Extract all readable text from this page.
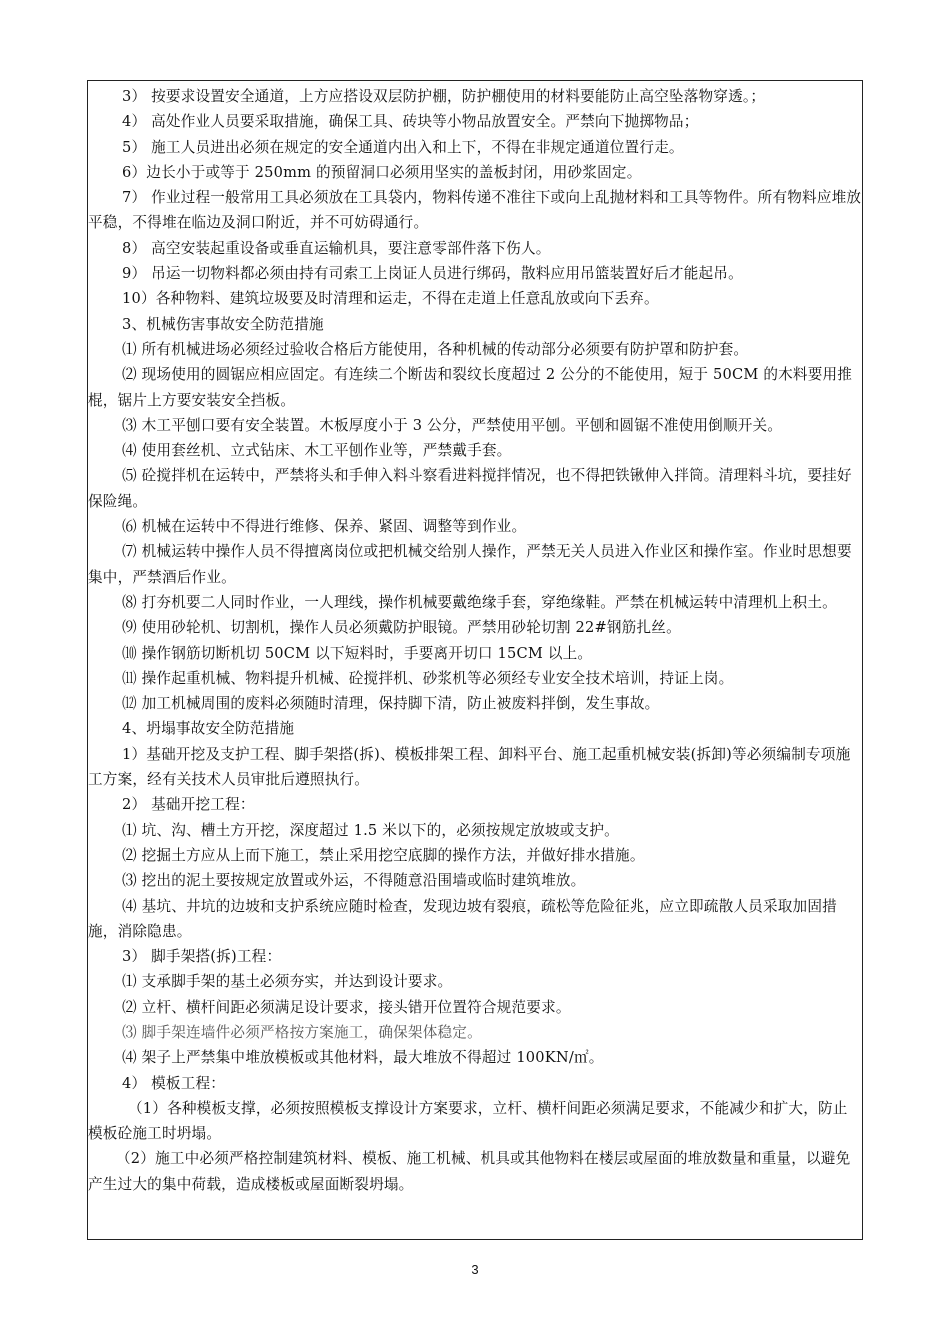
3） 按要求设置安全通道，上方应搭设双层防护棚，防护棚使用的材料要能防止高空坠落物穿透。；

4） 高处作业人员要采取措施，确保工具、砖块等小物品放置安全。严禁向下抛掷物品；

5） 施工人员进出必须在规定的安全通道内出入和上下，不得在非规定通道位置行走。

6）边长小于或等于 250mm 的预留洞口必须用坚实的盖板封闭，用砂浆固定。

7） 作业过程一般常用工具必须放在工具袋内，物料传递不准往下或向上乱抛材料和工具等物件。所有物料应堆放平稳，不得堆在临边及洞口附近，并不可妨碍通行。

8） 高空安装起重设备或垂直运输机具，要注意零部件落下伤人。

9） 吊运一切物料都必须由持有司索工上岗证人员进行绑码，散料应用吊篮装置好后才能起吊。

10）各种物料、建筑垃圾要及时清理和运走，不得在走道上任意乱放或向下丢弃。

3、机械伤害事故安全防范措施

⑴ 所有机械进场必须经过验收合格后方能使用，各种机械的传动部分必须要有防护罩和防护套。

⑵ 现场使用的圆锯应相应固定。有连续二个断齿和裂纹长度超过 2 公分的不能使用，短于 50CM 的木料要用推棍，锯片上方要安装安全挡板。

⑶ 木工平刨口要有安全装置。木板厚度小于 3 公分，严禁使用平刨。平刨和圆锯不准使用倒顺开关。

⑷ 使用套丝机、立式钻床、木工平刨作业等，严禁戴手套。

⑸ 砼搅拌机在运转中，严禁将头和手伸入料斗察看进料搅拌情况，也不得把铁锹伸入拌筒。清理料斗坑，要挂好保险绳。

⑹ 机械在运转中不得进行维修、保养、紧固、调整等到作业。

⑺ 机械运转中操作人员不得擅离岗位或把机械交给别人操作，严禁无关人员进入作业区和操作室。作业时思想要集中，严禁酒后作业。

⑻ 打夯机要二人同时作业，一人理线，操作机械要戴绝缘手套，穿绝缘鞋。严禁在机械运转中清理机上积土。

⑼ 使用砂轮机、切割机，操作人员必须戴防护眼镜。严禁用砂轮切割 22#钢筋扎丝。

⑽ 操作钢筋切断机切 50CM 以下短料时，手要离开切口 15CM 以上。

⑾ 操作起重机械、物料提升机械、砼搅拌机、砂浆机等必须经专业安全技术培训，持证上岗。

⑿ 加工机械周围的废料必须随时清理，保持脚下清，防止被废料拌倒，发生事故。

4、坍塌事故安全防范措施

1）基础开挖及支护工程、脚手架搭(拆)、模板排架工程、卸料平台、施工起重机械安装(拆卸)等必须编制专项施工方案，经有关技术人员审批后遵照执行。

2） 基础开挖工程：

⑴ 坑、沟、槽土方开挖，深度超过 1.5 米以下的，必须按规定放坡或支护。

⑵ 挖掘土方应从上而下施工，禁止采用挖空底脚的操作方法，并做好排水措施。

⑶ 挖出的泥土要按规定放置或外运，不得随意沿围墙或临时建筑堆放。

⑷ 基坑、井坑的边坡和支护系统应随时检查，发现边坡有裂痕，疏松等危险征兆，应立即疏散人员采取加固措施，消除隐患。

3） 脚手架搭(拆)工程：

⑴ 支承脚手架的基土必须夯实，并达到设计要求。

⑵ 立杆、横杆间距必须满足设计要求，接头错开位置符合规范要求。

⑶ 脚手架连墙件必须严格按方案施工，确保架体稳定。

⑷ 架子上严禁集中堆放模板或其他材料，最大堆放不得超过 100KN/㎡。

4） 模板工程：

（1）各种模板支撑，必须按照模板支撑设计方案要求，立杆、横杆间距必须满足要求，不能减少和扩大，防止模板砼施工时坍塌。

（2）施工中必须严格控制建筑材料、模板、施工机械、机具或其他物料在楼层或屋面的堆放数量和重量，以避免产生过大的集中荷载，造成楼板或屋面断裂坍塌。

3
